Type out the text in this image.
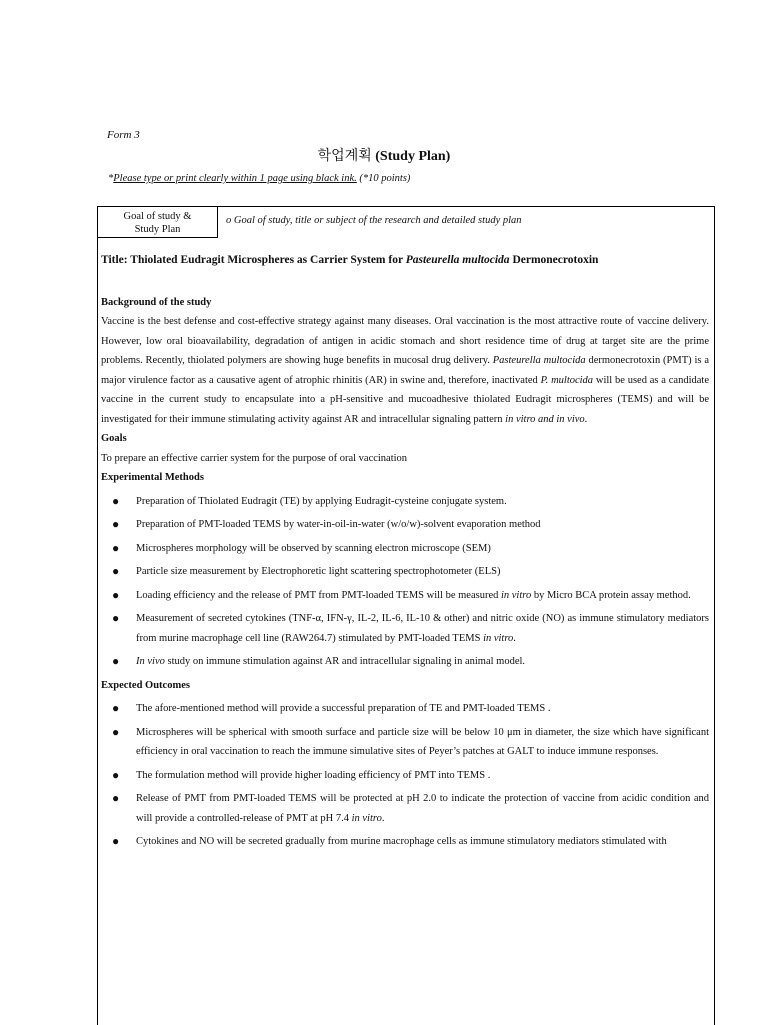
Form 3
학업계획 (Study Plan)
*Please type or print clearly within 1 page using black ink. (*10 points)
Goal of study &
Study Plan
o Goal of study, title or subject of the research and detailed study plan
Title: Thiolated Eudragit Microspheres as Carrier System for Pasteurella multocida Dermonecrotoxin
Background of the study

Vaccine is the best defense and cost-effective strategy against many diseases. Oral vaccination is the most attractive route of vaccine delivery. However, low oral bioavailability, degradation of antigen in acidic stomach and short residence time of drug at target site are the prime problems. Recently, thiolated polymers are showing huge benefits in mucosal drug delivery. Pasteurella multocida dermonecrotoxin (PMT) is a major virulence factor as a causative agent of atrophic rhinitis (AR) in swine and, therefore, inactivated P. multocida will be used as a candidate vaccine in the current study to encapsulate into a pH-sensitive and mucoadhesive thiolated Eudragit microspheres (TEMS) and will be investigated for their immune stimulating activity against AR and intracellular signaling pattern in vitro and in vivo.

Goals

To prepare an effective carrier system for the purpose of oral vaccination

Experimental Methods
● Preparation of Thiolated Eudragit (TE) by applying Eudragit-cysteine conjugate system.
● Preparation of PMT-loaded TEMS by water-in-oil-in-water (w/o/w)-solvent evaporation method
● Microspheres morphology will be observed by scanning electron microscope (SEM)
● Particle size measurement by Electrophoretic light scattering spectrophotometer (ELS)
● Loading efficiency and the release of PMT from PMT-loaded TEMS will be measured in vitro by Micro BCA protein assay method.
● Measurement of secreted cytokines (TNF-α, IFN-γ, IL-2, IL-6, IL-10 & other) and nitric oxide (NO) as immune stimulatory mediators from murine macrophage cell line (RAW264.7) stimulated by PMT-loaded TEMS in vitro.
● In vivo study on immune stimulation against AR and intracellular signaling in animal model.
Expected Outcomes
● The afore-mentioned method will provide a successful preparation of TE and PMT-loaded TEMS .
● Microspheres will be spherical with smooth surface and particle size will be below 10 μm in diameter, the size which have significant efficiency in oral vaccination to reach the immune simulative sites of Peyer’s patches at GALT to induce immune responses.
● The formulation method will provide higher loading efficiency of PMT into TEMS .
● Release of PMT from PMT-loaded TEMS will be protected at pH 2.0 to indicate the protection of vaccine from acidic condition and will provide a controlled-release of PMT at pH 7.4 in vitro.
● Cytokines and NO will be secreted gradually from murine macrophage cells as immune stimulatory mediators stimulated with
